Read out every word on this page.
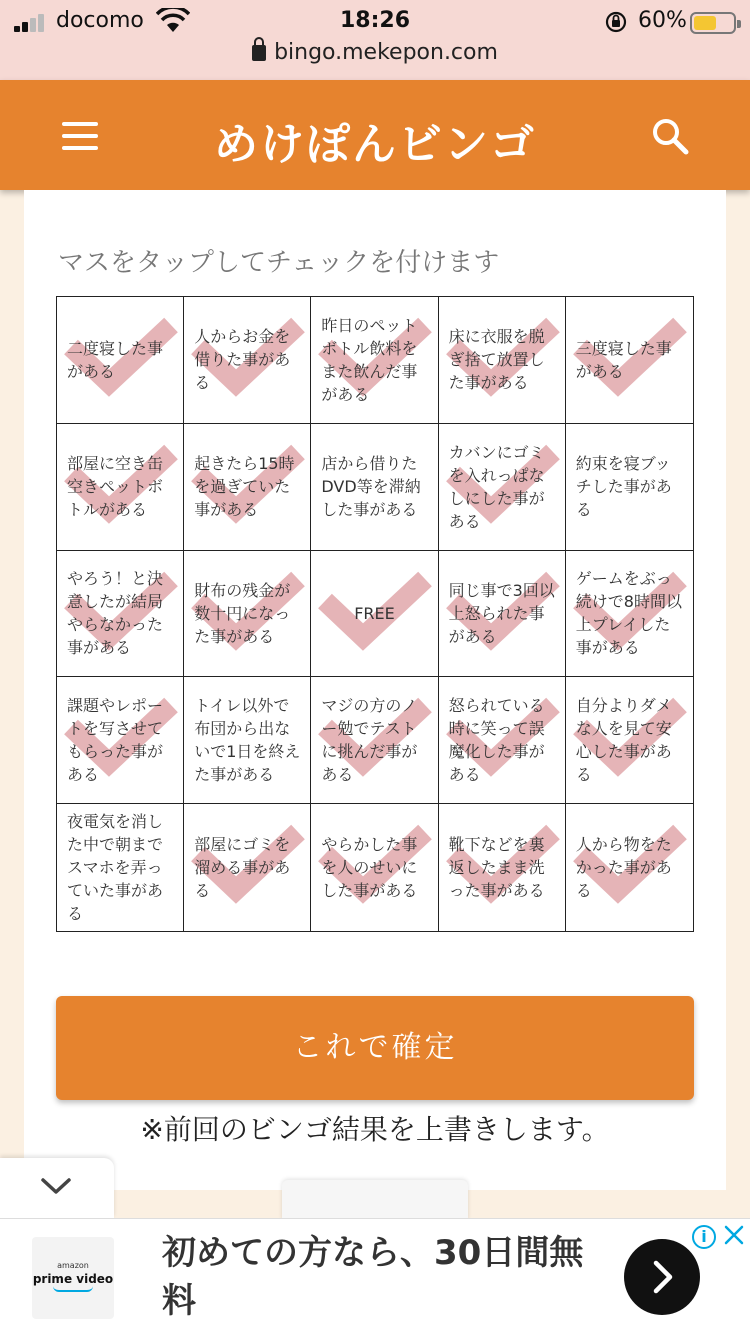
docomo	18:26	60%
bingo.mekepon.com
めけぽんビンゴ
マスをタップしてチェックを付けます
二度寝した事がある
人からお金を借りた事がある
昨日のペットボトル飲料をまた飲んだ事がある
床に衣服を脱ぎ捨て放置した事がある
三度寝した事がある
部屋に空き缶空きペットボトルがある
起きたら15時を過ぎていた事がある
店から借りたDVD等を滞納した事がある
カバンにゴミを入れっぱなしにした事がある
約束を寝ブッチした事がある
やろう！と決意したが結局やらなかった事がある
財布の残金が数十円になった事がある
FREE
同じ事で3回以上怒られた事がある
ゲームをぶっ続けで8時間以上プレイした事がある
課題やレポートを写させてもらった事がある
トイレ以外で布団から出ないで1日を終えた事がある
マジの方のノー勉でテストに挑んだ事がある
怒られている時に笑って誤魔化した事がある
自分よりダメな人を見て安心した事がある
夜電気を消した中で朝までスマホを弄っていた事がある
部屋にゴミを溜める事がある
やらかした事を人のせいにした事がある
靴下などを裏返したまま洗った事がある
人から物をたかった事がある
これで確定
※前回のビンゴ結果を上書きします。
amazon
prime video
初めての方なら、30日間無料
i
